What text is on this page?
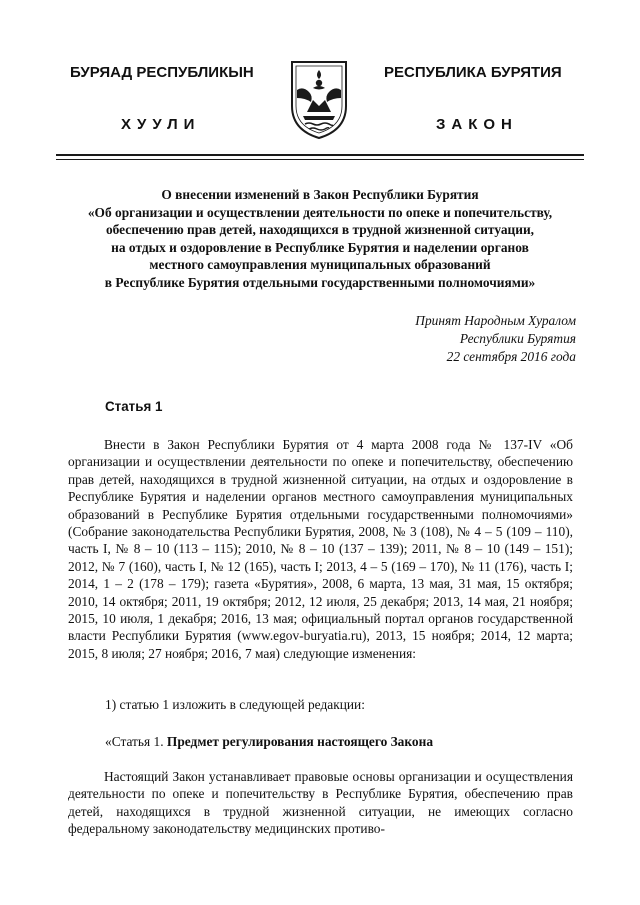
БУРЯАД РЕСПУБЛИКЫН	РЕСПУБЛИКА БУРЯТИЯ
ХУУЛИ	ЗАКОН
О внесении изменений в Закон Республики Бурятия
«Об организации и осуществлении деятельности по опеке и попечительству,
обеспечению прав детей, находящихся в трудной жизненной ситуации,
на отдых и оздоровление в Республике Бурятия и наделении органов
местного самоуправления муниципальных образований
в Республике Бурятия отдельными государственными полномочиями»
Принят Народным Хуралом
Республики Бурятия
22 сентября 2016 года
Статья 1

Внести в Закон Республики Бурятия от 4 марта 2008 года № 137-IV «Об организации и осуществлении деятельности по опеке и попечительству, обеспечению прав детей, находящихся в трудной жизненной ситуации, на отдых и оздоровление в Республике Бурятия и наделении органов местного самоуправления муниципальных образований в Республике Бурятия отдельными государственными полномочиями» (Собрание законодательства Республики Бурятия, 2008, № 3 (108), № 4 – 5 (109 – 110), часть I, № 8 – 10 (113 – 115); 2010, № 8 – 10 (137 – 139); 2011, № 8 – 10 (149 – 151); 2012, № 7 (160), часть I, № 12 (165), часть I; 2013, 4 – 5 (169 – 170), № 11 (176), часть I; 2014, 1 – 2 (178 – 179); газета «Бурятия», 2008, 6 марта, 13 мая, 31 мая, 15 октября; 2010, 14 октября; 2011, 19 октября; 2012, 12 июля, 25 декабря; 2013, 14 мая, 21 ноября; 2015, 10 июля, 1 декабря; 2016, 13 мая; официальный портал органов государственной власти Республики Бурятия (www.egov-buryatia.ru), 2013, 15 ноября; 2014, 12 марта; 2015, 8 июля; 27 ноября; 2016, 7 мая) следующие изменения:

1) статью 1 изложить в следующей редакции:
«Статья 1. Предмет регулирования настоящего Закона

Настоящий Закон устанавливает правовые основы организации и осуществления деятельности по опеке и попечительству в Республике Бурятия, обеспечению прав детей, находящихся в трудной жизненной ситуации, не имеющих согласно федеральному законодательству медицинских противо-
